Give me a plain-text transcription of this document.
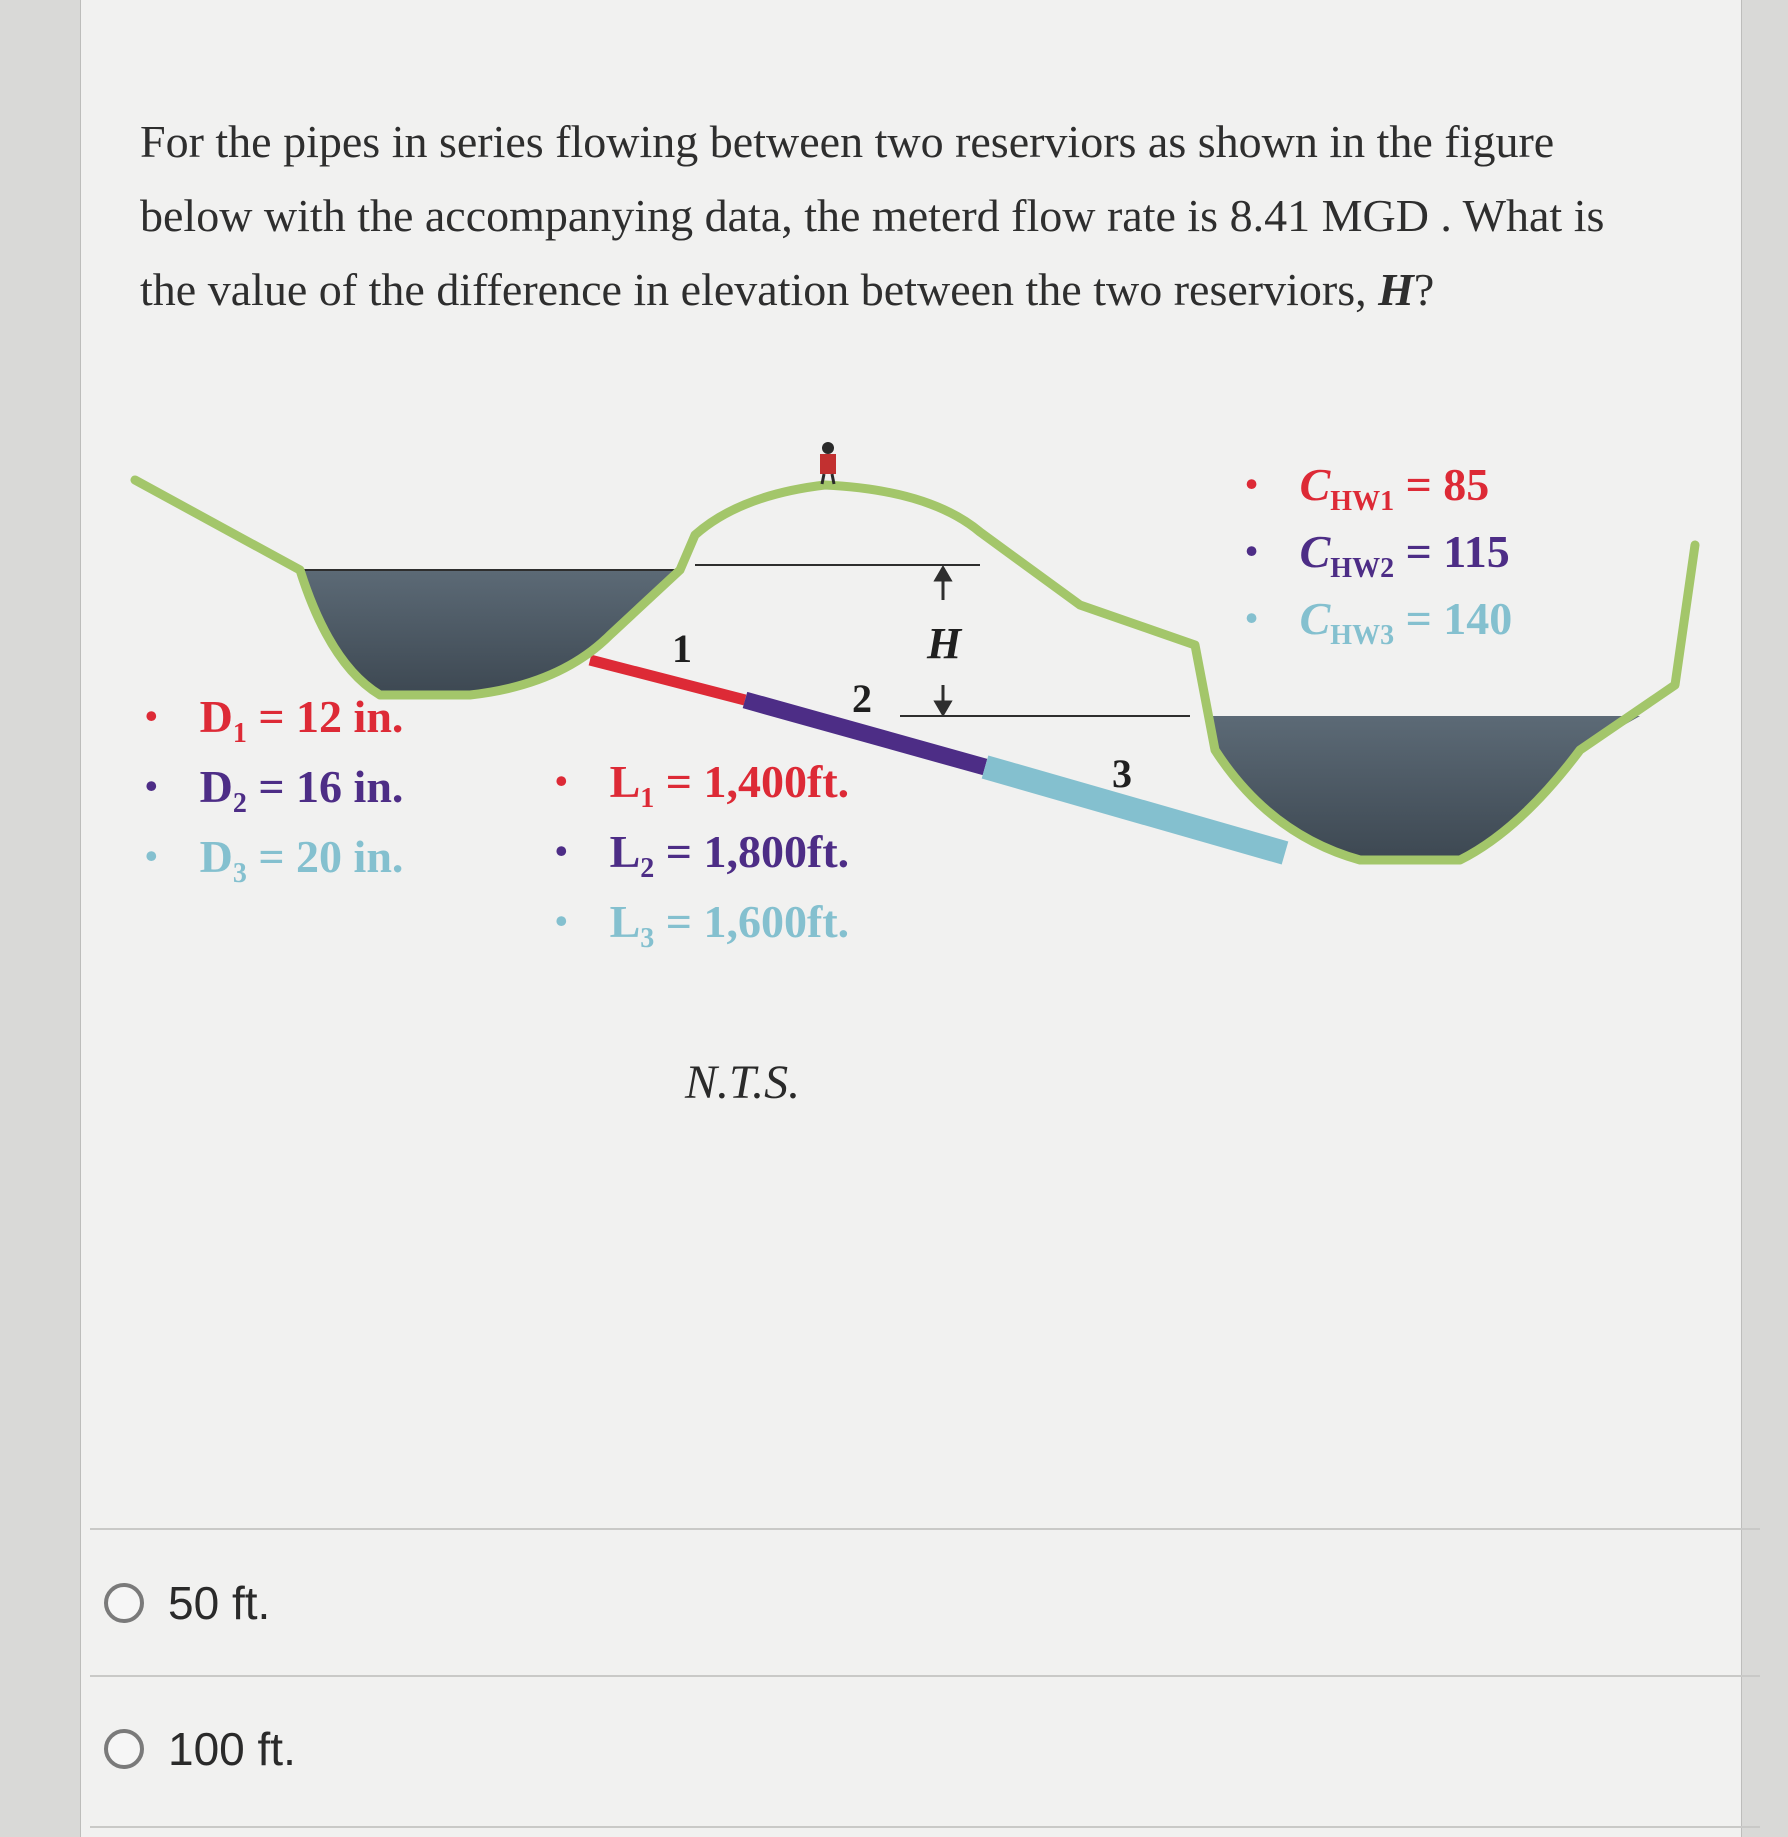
For the pipes in series flowing between two reserviors as shown in the figure below with the accompanying data, the meterd flow rate is 8.41 MGD . What is the value of the difference in elevation between the two reserviors, H?

1
2
3
H
• $D_1 = 12$ in.
• $D_2 = 16$ in.
• $D_3 = 20$ in.
• $L_1 = 1,400ft$.
• $L_2 = 1,800ft$.
• $L_3 = 1,600ft$.
• $C_{HW1} = 85$
• $C_{HW2} = 115$
• $C_{HW3} = 140$
N.T.S.
50 ft.
100 ft.
